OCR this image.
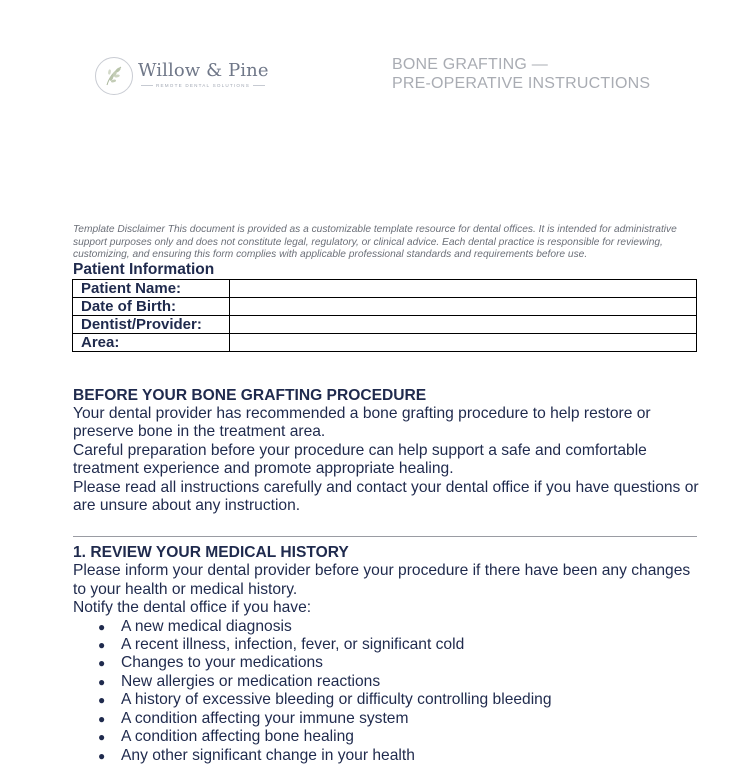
Willow & Pine
REMOTE DENTAL SOLUTIONS
BONE GRAFTING —
PRE-OPERATIVE INSTRUCTIONS
Template Disclaimer This document is provided as a customizable template resource for dental offices. It is intended for administrative support purposes only and does not constitute legal, regulatory, or clinical advice. Each dental practice is responsible for reviewing, customizing, and ensuring this form complies with applicable professional standards and requirements before use.
Patient Information
Patient Name:	
Date of Birth:	
Dentist/Provider:	
Area:	
BEFORE YOUR BONE GRAFTING PROCEDURE

Your dental provider has recommended a bone grafting procedure to help restore or preserve bone in the treatment area.

Careful preparation before your procedure can help support a safe and comfortable treatment experience and promote appropriate healing.

Please read all instructions carefully and contact your dental office if you have questions or are unsure about any instruction.

1. REVIEW YOUR MEDICAL HISTORY

Please inform your dental provider before your procedure if there have been any changes to your health or medical history.

Notify the dental office if you have:

● A new medical diagnosis
● A recent illness, infection, fever, or significant cold
● Changes to your medications
● New allergies or medication reactions
● A history of excessive bleeding or difficulty controlling bleeding
● A condition affecting your immune system
● A condition affecting bone healing
● Any other significant change in your health
